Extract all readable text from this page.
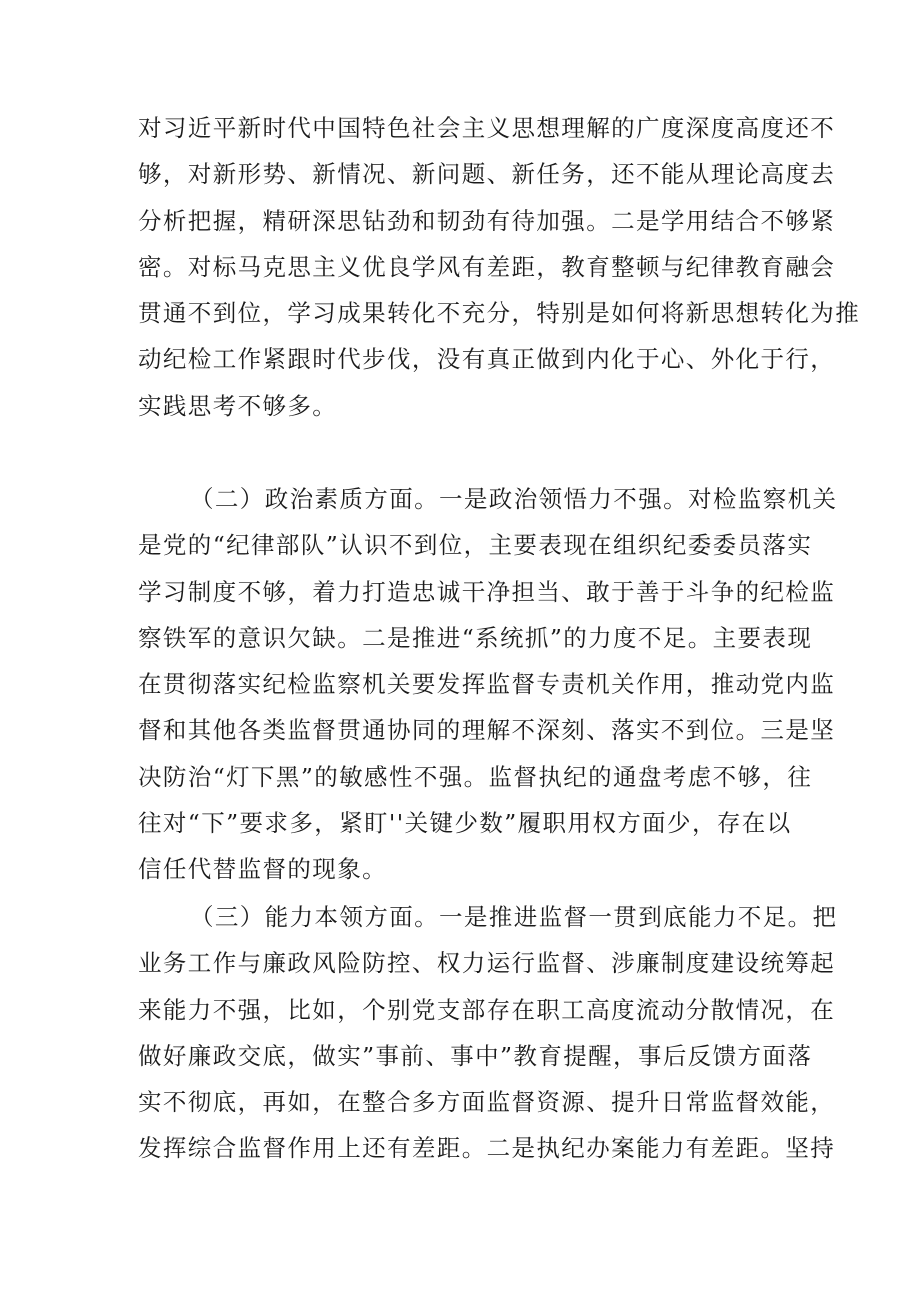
对习近平新时代中国特色社会主义思想理解的广度深度高度还不
够，对新形势、新情况、新问题、新任务，还不能从理论高度去
分析把握，精研深思钻劲和韧劲有待加强。二是学用结合不够紧
密。对标马克思主义优良学风有差距，教育整顿与纪律教育融会
贯通不到位，学习成果转化不充分，特别是如何将新思想转化为推
动纪检工作紧跟时代步伐，没有真正做到内化于心、外化于行，
实践思考不够多。
（二）政治素质方面。一是政治领悟力不强。对检监察机关
是党的“纪律部队”认识不到位，主要表现在组织纪委委员落实
学习制度不够，着力打造忠诚干净担当、敢于善于斗争的纪检监
察铁军的意识欠缺。二是推进“系统抓”的力度不足。主要表现
在贯彻落实纪检监察机关要发挥监督专责机关作用，推动党内监
督和其他各类监督贯通协同的理解不深刻、落实不到位。三是坚
决防治“灯下黑”的敏感性不强。监督执纪的通盘考虑不够，往
往对“下”要求多，紧盯''关键少数”履职用权方面少，存在以
信任代替监督的现象。
（三）能力本领方面。一是推进监督一贯到底能力不足。把
业务工作与廉政风险防控、权力运行监督、涉廉制度建设统筹起
来能力不强，比如，个别党支部存在职工高度流动分散情况，在
做好廉政交底，做实”事前、事中”教育提醒，事后反馈方面落
实不彻底，再如，在整合多方面监督资源、提升日常监督效能，
发挥综合监督作用上还有差距。二是执纪办案能力有差距。坚持
